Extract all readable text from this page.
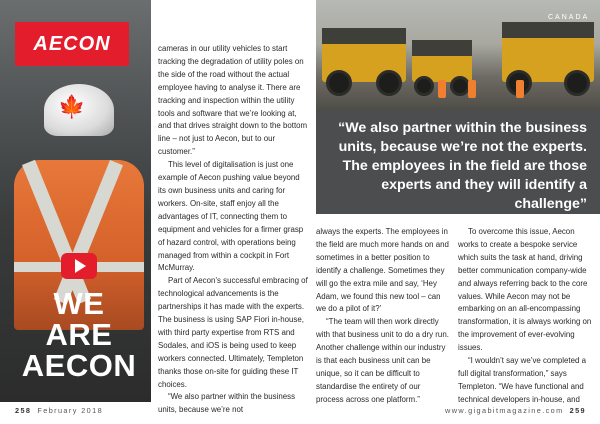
🍁
AECON
WE
ARE
AECON
CANADA
“We also partner within the business units, because we’re not the experts. The employees in the field are those experts and they will identify a challenge”
– Adam Templeton, Director of IT

cameras in our utility vehicles to start tracking the degradation of utility poles on the side of the road without the actual employee having to analyse it. There are tracking and inspection within the utility tools and software that we’re looking at, and that drives straight down to the bottom line – not just to Aecon, but to our customer.”

This level of digitalisation is just one example of Aecon pushing value beyond its own business units and caring for workers. On-site, staff enjoy all the advantages of IT, connecting them to equipment and vehicles for a firmer grasp of hazard control, with operations being managed from within a cockpit in Fort McMurray.

Part of Aecon’s successful embracing of technological advancements is the partnerships it has made with the experts. The business is using SAP Fiori in-house, with third party expertise from RTS and Sodales, and iOS is being used to keep workers connected. Ultimately, Templeton thanks those on-site for guiding these IT choices.

“We also partner within the business units, because we’re not

always the experts. The employees in the field are much more hands on and sometimes in a better position to identify a challenge. Sometimes they will go the extra mile and say, ‘Hey Adam, we found this new tool – can we do a pilot of it?’

“The team will then work directly with that business unit to do a dry run. Another challenge within our industry is that each business unit can be unique, so it can be difficult to standardise the entirety of our process across one platform.”

To overcome this issue, Aecon works to create a bespoke service which suits the task at hand, driving better communication company-wide and always referring back to the core values. While Aecon may not be embarking on an all-encompassing transformation, it is always working on the improvement of ever-evolving issues.

“I wouldn’t say we’ve completed a full digital transformation,” says Templeton. “We have functional and technical developers in-house, and

258 February 2018	www.gigabitmagazine.com 259
